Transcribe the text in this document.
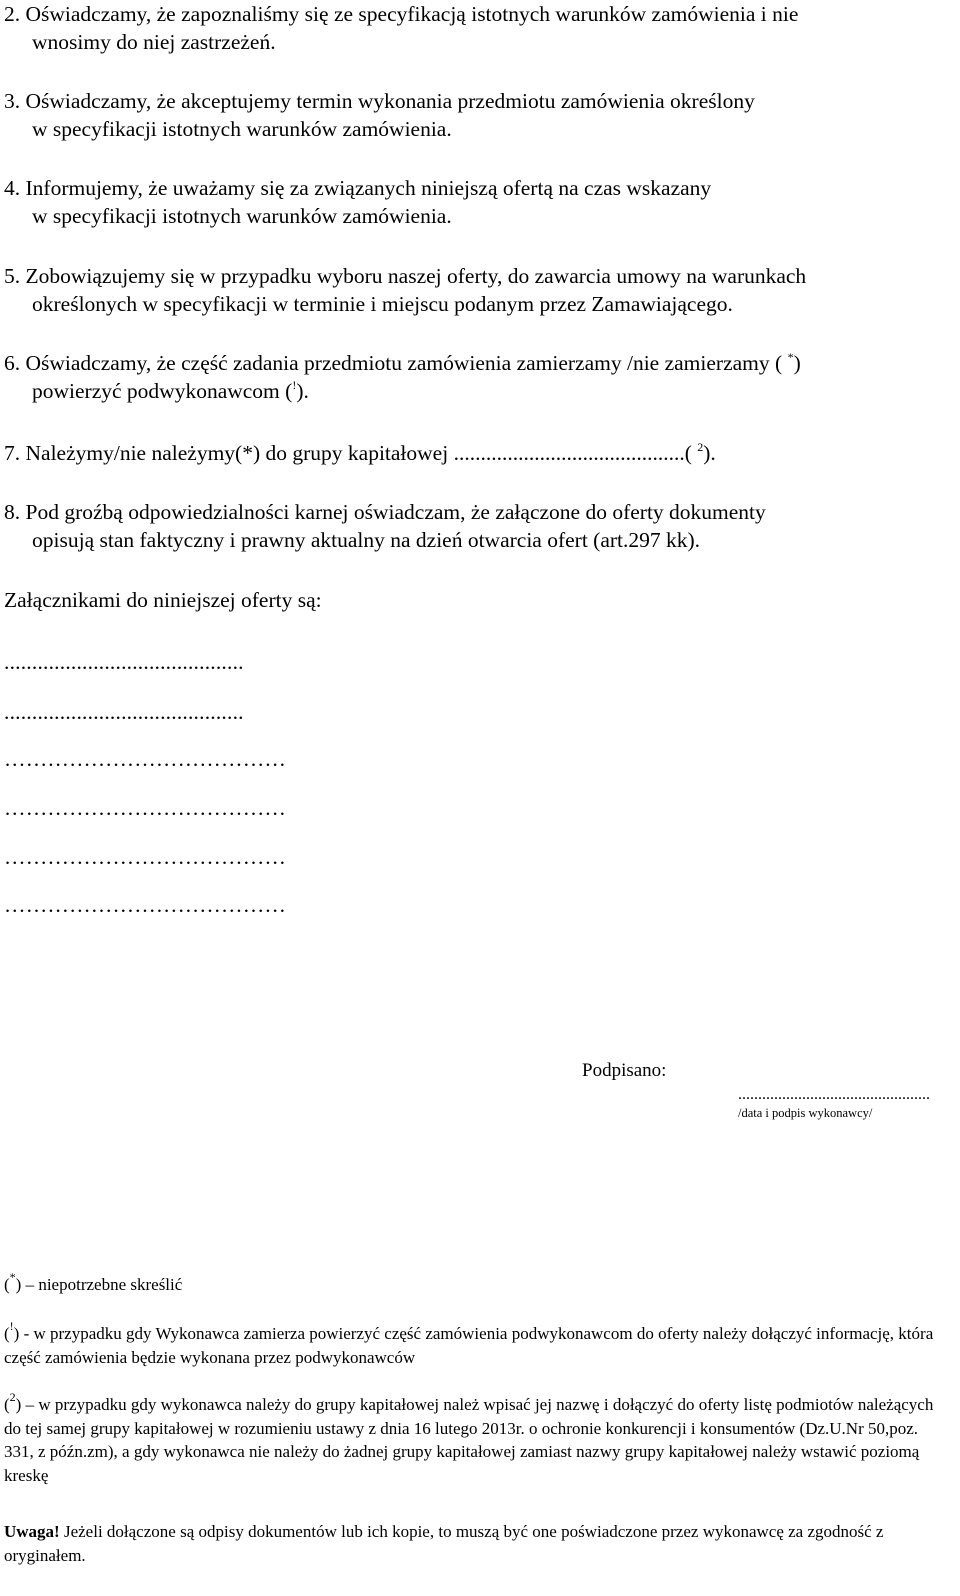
2. Oświadczamy, że zapoznaliśmy się ze specyfikacją istotnych warunków zamówienia i nie
wnosimy do niej zastrzeżeń.
3. Oświadczamy, że akceptujemy termin wykonania przedmiotu zamówienia określony
w specyfikacji istotnych warunków zamówienia.
4. Informujemy, że uważamy się za związanych niniejszą ofertą na czas wskazany
w specyfikacji istotnych warunków zamówienia.
5. Zobowiązujemy się w przypadku wyboru naszej oferty, do zawarcia umowy na warunkach
określonych w specyfikacji w terminie i miejscu podanym przez Zamawiającego.
6. Oświadczamy, że część zadania przedmiotu zamówienia zamierzamy /nie zamierzamy ( *)
powierzyć podwykonawcom (!).
7. Należymy/nie należymy(*) do grupy kapitałowej ...........................................( $^2$).
8. Pod groźbą odpowiedzialności karnej oświadczam, że załączone do oferty dokumenty
opisują stan faktyczny i prawny aktualny na dzień otwarcia ofert (art.297 kk).
Załącznikami do niniejszej oferty są:
...........................................
...........................................
…………………………………
…………………………………
…………………………………
…………………………………
Podpisano:
................................................
/data i podpis wykonawcy/
(*) – niepotrzebne skreślić
(!) - w przypadku gdy Wykonawca zamierza powierzyć część zamówienia podwykonawcom do oferty należy dołączyć informację, która część zamówienia będzie wykonana przez podwykonawców
($^2$) – w przypadku gdy wykonawca należy do grupy kapitałowej należ wpisać jej nazwę i dołączyć do oferty listę podmiotów należących do tej samej grupy kapitałowej w rozumieniu ustawy z dnia 16 lutego 2013r. o ochronie konkurencji i konsumentów (Dz.U.Nr 50,poz. 331, z późn.zm), a gdy wykonawca nie należy do żadnej grupy kapitałowej zamiast nazwy grupy kapitałowej należy wstawić poziomą kreskę
Uwaga! Jeżeli dołączone są odpisy dokumentów lub ich kopie, to muszą być one poświadczone przez wykonawcę za zgodność z oryginałem.
